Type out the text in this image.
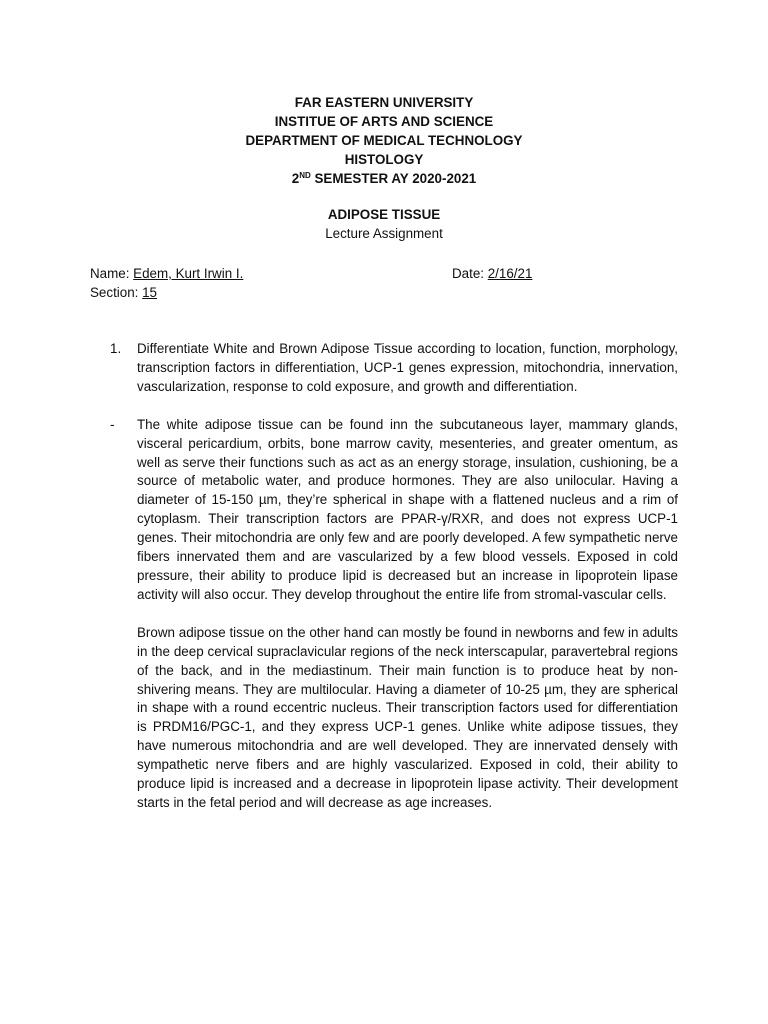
FAR EASTERN UNIVERSITY
INSTITUE OF ARTS AND SCIENCE
DEPARTMENT OF MEDICAL TECHNOLOGY
HISTOLOGY
2ND SEMESTER AY 2020-2021
ADIPOSE TISSUE
Lecture Assignment
Name: Edem, Kurt Irwin I.	Date: 2/16/21
Section: 15
1. Differentiate White and Brown Adipose Tissue according to location, function, morphology, transcription factors in differentiation, UCP-1 genes expression, mitochondria, innervation, vascularization, response to cold exposure, and growth and differentiation.
- The white adipose tissue can be found inn the subcutaneous layer, mammary glands, visceral pericardium, orbits, bone marrow cavity, mesenteries, and greater omentum, as well as serve their functions such as act as an energy storage, insulation, cushioning, be a source of metabolic water, and produce hormones. They are also unilocular. Having a diameter of 15-150 µm, they’re spherical in shape with a flattened nucleus and a rim of cytoplasm. Their transcription factors are PPAR-γ/RXR, and does not express UCP-1 genes. Their mitochondria are only few and are poorly developed. A few sympathetic nerve fibers innervated them and are vascularized by a few blood vessels. Exposed in cold pressure, their ability to produce lipid is decreased but an increase in lipoprotein lipase activity will also occur. They develop throughout the entire life from stromal-vascular cells.
Brown adipose tissue on the other hand can mostly be found in newborns and few in adults in the deep cervical supraclavicular regions of the neck interscapular, paravertebral regions of the back, and in the mediastinum. Their main function is to produce heat by non-shivering means. They are multilocular. Having a diameter of 10-25 µm, they are spherical in shape with a round eccentric nucleus. Their transcription factors used for differentiation is PRDM16/PGC-1, and they express UCP-1 genes. Unlike white adipose tissues, they have numerous mitochondria and are well developed. They are innervated densely with sympathetic nerve fibers and are highly vascularized. Exposed in cold, their ability to produce lipid is increased and a decrease in lipoprotein lipase activity. Their development starts in the fetal period and will decrease as age increases.
